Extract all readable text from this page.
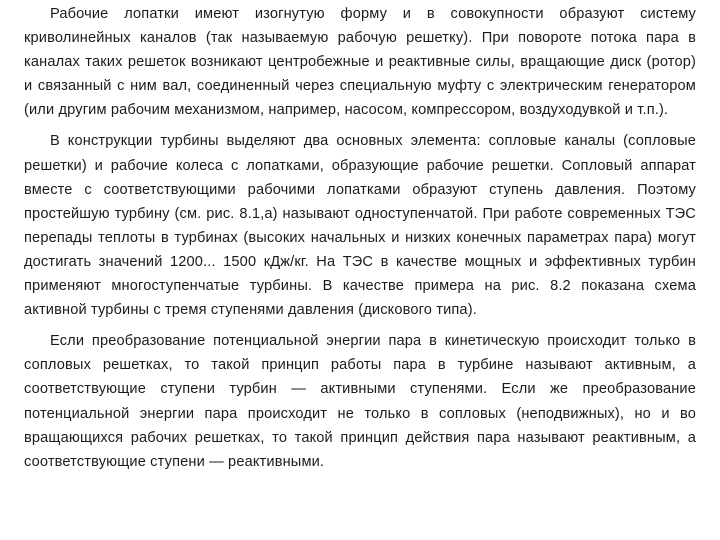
Рабочие лопатки имеют изогнутую форму и в совокупности образуют систему криволинейных каналов (так называемую рабочую решетку). При повороте потока пара в каналах таких решеток возникают центробежные и реактивные силы, вращающие диск (ротор) и связанный с ним вал, соединенный через специальную муфту с электрическим генератором (или другим рабочим механизмом, например, насосом, компрессором, воздуходувкой и т.п.).

В конструкции турбины выделяют два основных элемента: сопловые каналы (сопловые решетки) и рабочие колеса с лопатками, образующие рабочие решетки. Сопловый аппарат вместе с соответствующими рабочими лопатками образуют ступень давления. Поэтому простейшую турбину (см. рис. 8.1,а) называют одноступенчатой. При работе современных ТЭС перепады теплоты в турбинах (высоких начальных и низких конечных параметрах пара) могут достигать значений 1200... 1500 кДж/кг. На ТЭС в качестве мощных и эффективных турбин применяют многоступенчатые турбины. В качестве примера на рис. 8.2 показана схема активной турбины с тремя ступенями давления (дискового типа).

Если преобразование потенциальной энергии пара в кинетическую происходит только в сопловых решетках, то такой принцип работы пара в турбине называют активным, а соответствующие ступени турбин — активными ступенями. Если же преобразование потенциальной энергии пара происходит не только в сопловых (неподвижных), но и во вращающихся рабочих решетках, то такой принцип действия пара называют реактивным, а соответствующие ступени — реактивными.
